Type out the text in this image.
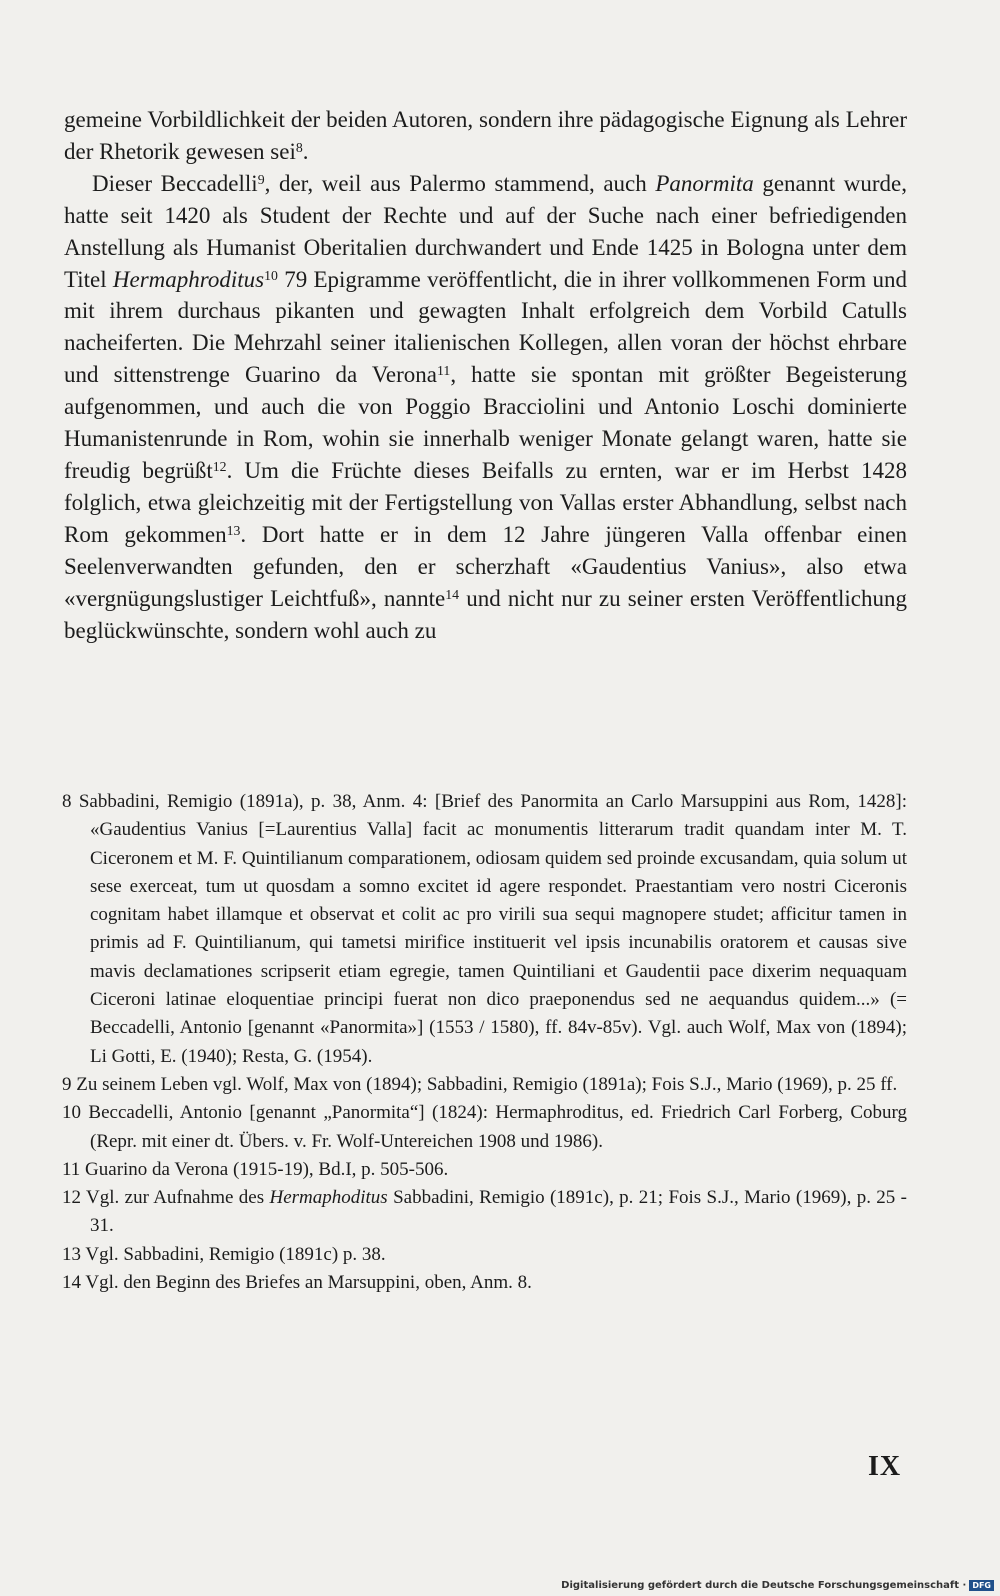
gemeine Vorbildlichkeit der beiden Autoren, sondern ihre pädagogische Eignung als Lehrer der Rhetorik gewesen sei$^8$.

Dieser Beccadelli$^9$, der, weil aus Palermo stammend, auch Panormita genannt wurde, hatte seit 1420 als Student der Rechte und auf der Suche nach einer befriedigenden Anstellung als Humanist Oberitalien durchwandert und Ende 1425 in Bologna unter dem Titel Hermaphroditus$^{10}$ 79 Epigramme veröffentlicht, die in ihrer vollkommenen Form und mit ihrem durchaus pikanten und gewagten Inhalt erfolgreich dem Vorbild Catulls nacheiferten. Die Mehrzahl seiner italienischen Kollegen, allen voran der höchst ehrbare und sittenstrenge Guarino da Verona$^{11}$, hatte sie spontan mit größter Begeisterung aufgenommen, und auch die von Poggio Bracciolini und Antonio Loschi dominierte Humanistenrunde in Rom, wohin sie innerhalb weniger Monate gelangt waren, hatte sie freudig begrüßt$^{12}$. Um die Früchte dieses Beifalls zu ernten, war er im Herbst 1428 folglich, etwa gleichzeitig mit der Fertigstellung von Vallas erster Abhandlung, selbst nach Rom gekommen$^{13}$. Dort hatte er in dem 12 Jahre jüngeren Valla offenbar einen Seelenverwandten gefunden, den er scherzhaft «Gaudentius Vanius», also etwa «vergnügungslustiger Leichtfuß», nannte$^{14}$ und nicht nur zu seiner ersten Veröffentlichung beglückwünschte, sondern wohl auch zu

8 Sabbadini, Remigio (1891a), p. 38, Anm. 4: [Brief des Panormita an Carlo Marsuppini aus Rom, 1428]: «Gaudentius Vanius [=Laurentius Valla] facit ac monumentis litterarum tradit quandam inter M. T. Ciceronem et M. F. Quintilianum comparationem, odiosam quidem sed proinde excusandam, quia solum ut sese exerceat, tum ut quosdam a somno excitet id agere respondet. Praestantiam vero nostri Ciceronis cognitam habet illamque et observat et colit ac pro virili sua sequi magnopere studet; afficitur tamen in primis ad F. Quintilianum, qui tametsi mirifice instituerit vel ipsis incunabilis oratorem et causas sive mavis declamationes scripserit etiam egregie, tamen Quintiliani et Gaudentii pace dixerim nequaquam Ciceroni latinae eloquentiae principi fuerat non dico praeponendus sed ne aequandus quidem...» (= Beccadelli, Antonio [genannt «Panormita»] (1553 / 1580), ff. 84v-85v). Vgl. auch Wolf, Max von (1894); Li Gotti, E. (1940); Resta, G. (1954).
9 Zu seinem Leben vgl. Wolf, Max von (1894); Sabbadini, Remigio (1891a); Fois S.J., Mario (1969), p. 25 ff.
10 Beccadelli, Antonio [genannt „Panormita“] (1824): Hermaphroditus, ed. Friedrich Carl Forberg, Coburg (Repr. mit einer dt. Übers. v. Fr. Wolf-Untereichen 1908 und 1986).
11 Guarino da Verona (1915-19), Bd.I, p. 505-506.
12 Vgl. zur Aufnahme des Hermaphoditus Sabbadini, Remigio (1891c), p. 21; Fois S.J., Mario (1969), p. 25 - 31.
13 Vgl. Sabbadini, Remigio (1891c) p. 38.
14 Vgl. den Beginn des Briefes an Marsuppini, oben, Anm. 8.
IX
Digitalisierung gefördert durch die Deutsche Forschungsgemeinschaft · DFG
